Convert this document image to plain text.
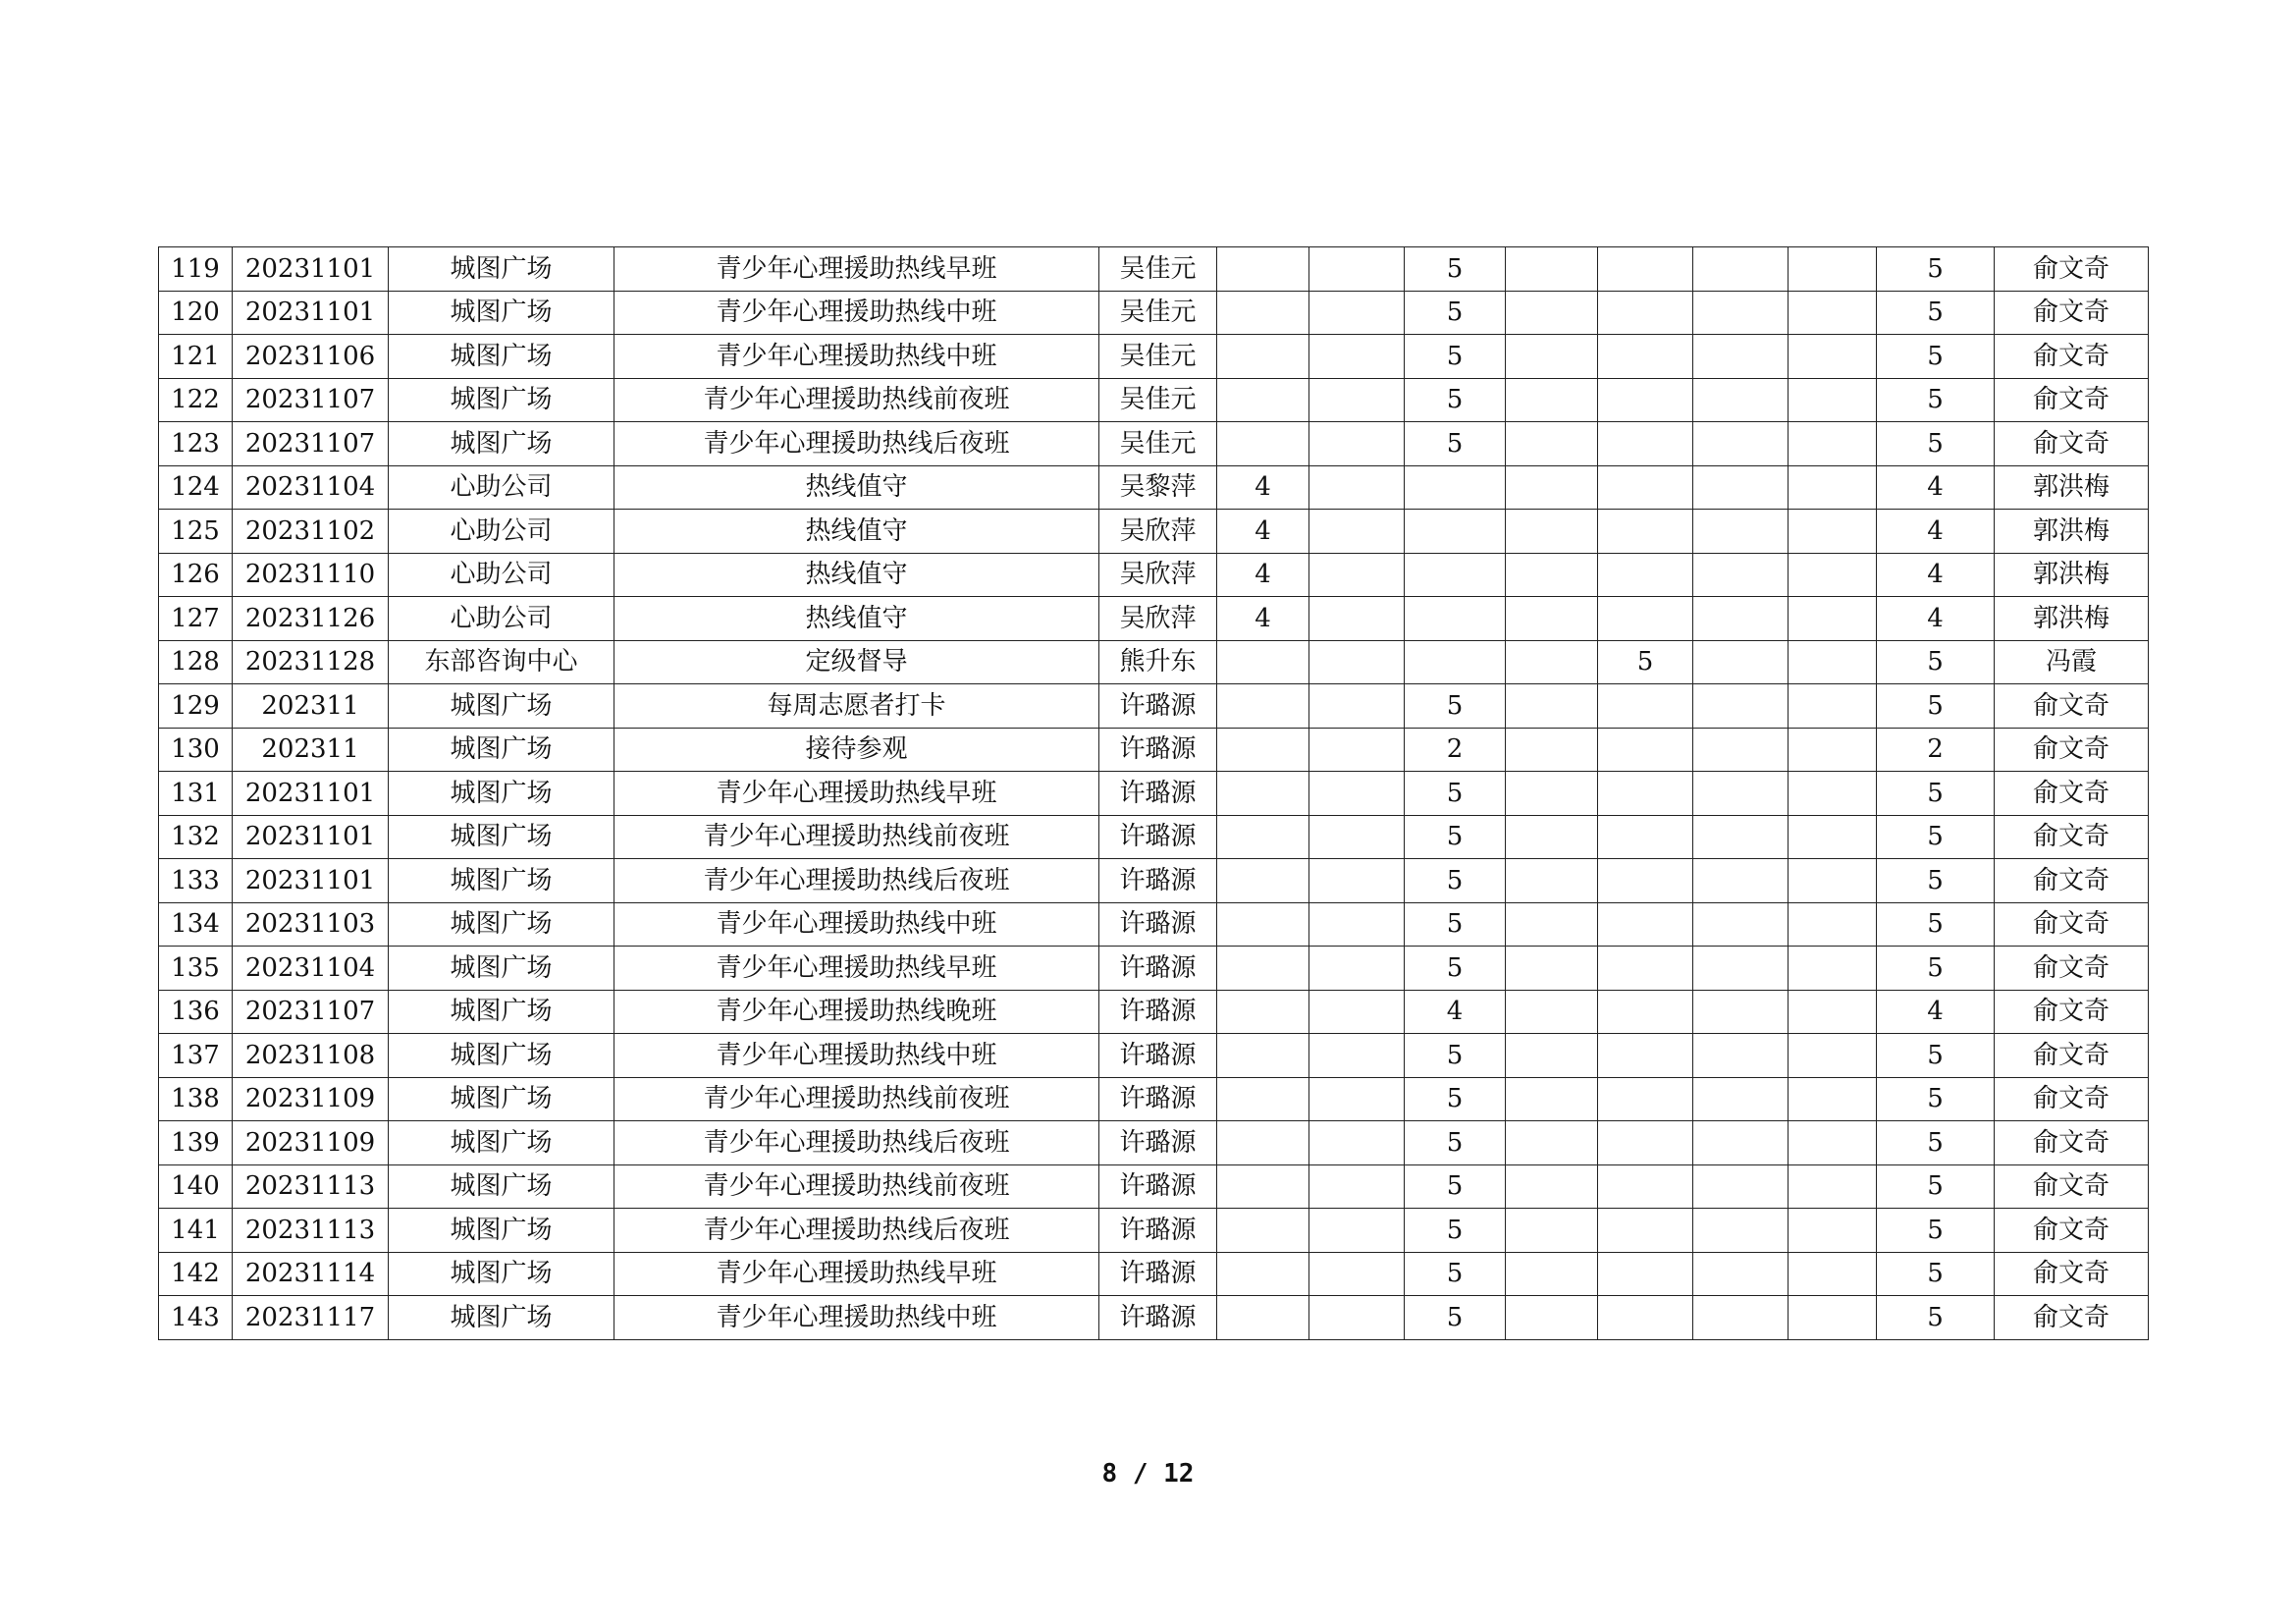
119	20231101	城图广场	青少年心理援助热线早班	吴佳元			5					5	俞文奇
120	20231101	城图广场	青少年心理援助热线中班	吴佳元			5					5	俞文奇
121	20231106	城图广场	青少年心理援助热线中班	吴佳元			5					5	俞文奇
122	20231107	城图广场	青少年心理援助热线前夜班	吴佳元			5					5	俞文奇
123	20231107	城图广场	青少年心理援助热线后夜班	吴佳元			5					5	俞文奇
124	20231104	心助公司	热线值守	吴黎萍	4							4	郭洪梅
125	20231102	心助公司	热线值守	吴欣萍	4							4	郭洪梅
126	20231110	心助公司	热线值守	吴欣萍	4							4	郭洪梅
127	20231126	心助公司	热线值守	吴欣萍	4							4	郭洪梅
128	20231128	东部咨询中心	定级督导	熊升东					5			5	冯霞
129	202311	城图广场	每周志愿者打卡	许璐源			5					5	俞文奇
130	202311	城图广场	接待参观	许璐源			2					2	俞文奇
131	20231101	城图广场	青少年心理援助热线早班	许璐源			5					5	俞文奇
132	20231101	城图广场	青少年心理援助热线前夜班	许璐源			5					5	俞文奇
133	20231101	城图广场	青少年心理援助热线后夜班	许璐源			5					5	俞文奇
134	20231103	城图广场	青少年心理援助热线中班	许璐源			5					5	俞文奇
135	20231104	城图广场	青少年心理援助热线早班	许璐源			5					5	俞文奇
136	20231107	城图广场	青少年心理援助热线晚班	许璐源			4					4	俞文奇
137	20231108	城图广场	青少年心理援助热线中班	许璐源			5					5	俞文奇
138	20231109	城图广场	青少年心理援助热线前夜班	许璐源			5					5	俞文奇
139	20231109	城图广场	青少年心理援助热线后夜班	许璐源			5					5	俞文奇
140	20231113	城图广场	青少年心理援助热线前夜班	许璐源			5					5	俞文奇
141	20231113	城图广场	青少年心理援助热线后夜班	许璐源			5					5	俞文奇
142	20231114	城图广场	青少年心理援助热线早班	许璐源			5					5	俞文奇
143	20231117	城图广场	青少年心理援助热线中班	许璐源			5					5	俞文奇
8 / 12
